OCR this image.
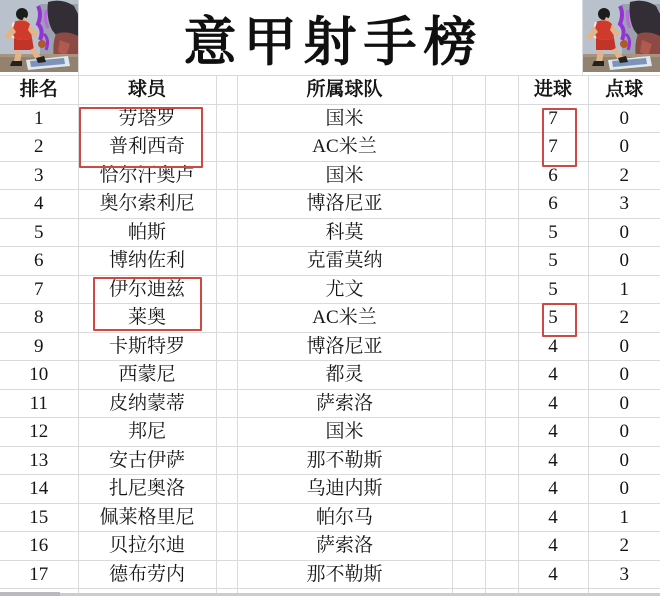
意甲射手榜
排名	球员		所属球队			进球	点球
1	劳塔罗		国米			7	0
2	普利西奇		AC米兰			7	0
3	恰尔汗奥卢		国米			6	2
4	奥尔索利尼		博洛尼亚			6	3
5	帕斯		科莫			5	0
6	博纳佐利		克雷莫纳			5	0
7	伊尔迪兹		尤文			5	1
8	莱奥		AC米兰			5	2
9	卡斯特罗		博洛尼亚			4	0
10	西蒙尼		都灵			4	0
11	皮纳蒙蒂		萨索洛			4	0
12	邦尼		国米			4	0
13	安古伊萨		那不勒斯			4	0
14	扎尼奥洛		乌迪内斯			4	0
15	佩莱格里尼		帕尔马			4	1
16	贝拉尔迪		萨索洛			4	2
17	德布劳内		那不勒斯			4	3
